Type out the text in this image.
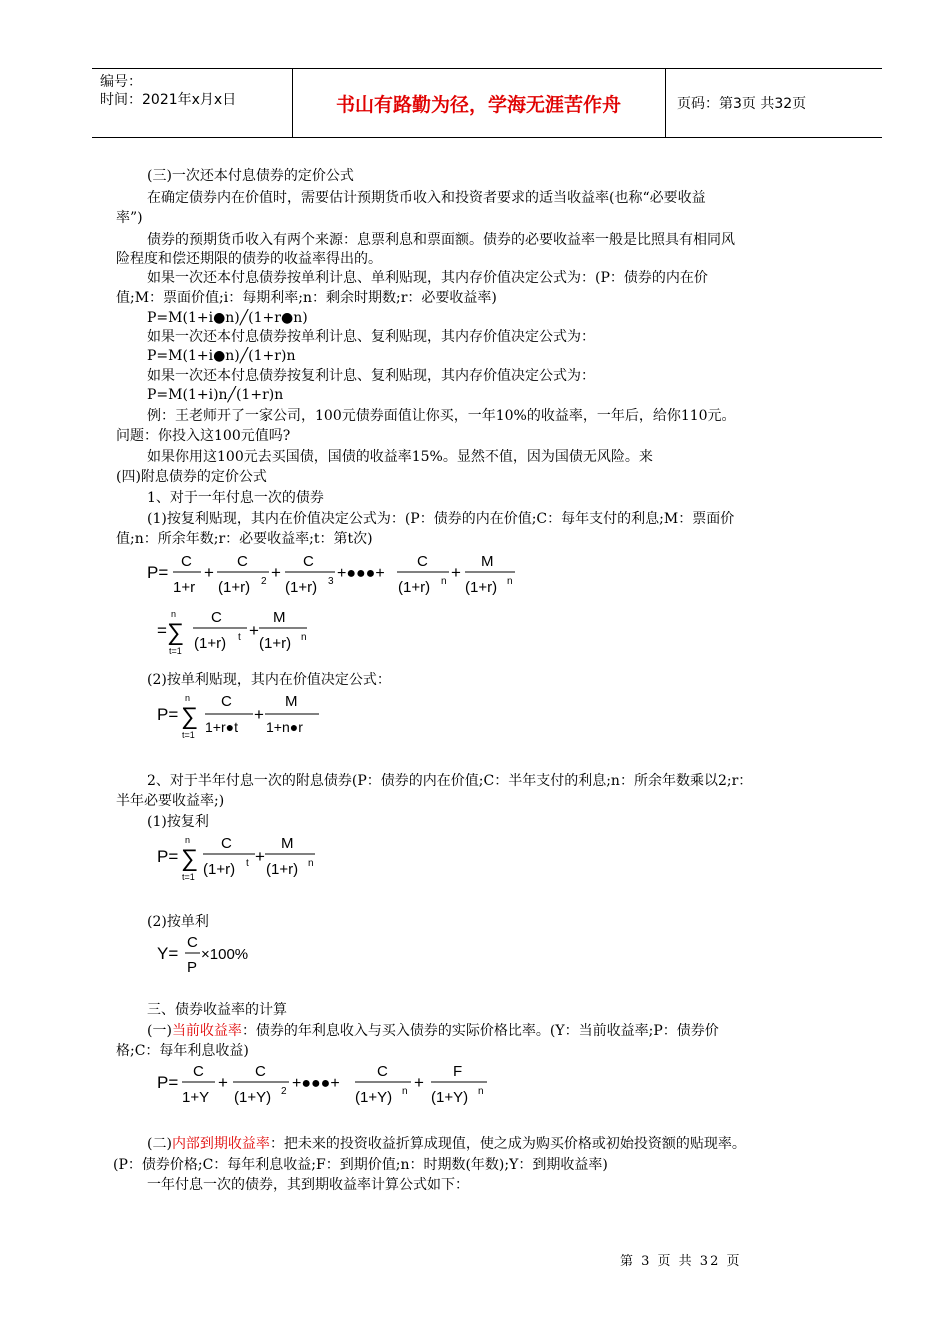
编号：
时间：2021年x月x日	书山有路勤为径，学海无涯苦作舟	页码：第3页 共32页
(三)一次还本付息债券的定价公式
在确定债券内在价值时，需要估计预期货币收入和投资者要求的适当收益率(也称“必要收益
率”)
债券的预期货币收入有两个来源：息票利息和票面额。债券的必要收益率一般是比照具有相同风
险程度和偿还期限的债券的收益率得出的。
如果一次还本付息债券按单利计息、单利贴现，其内存价值决定公式为：(P：债券的内在价
值;M：票面价值;i：每期利率;n：剩余时期数;r：必要收益率)
P=M(1+i●n)╱(1+r●n)
如果一次还本付息债券按单利计息、复利贴现，其内存价值决定公式为：
P=M(1+i●n)╱(1+r)n
如果一次还本付息债券按复利计息、复利贴现，其内存价值决定公式为：
P=M(1+i)n╱(1+r)n
例：王老师开了一家公司，100元债券面值让你买，一年10%的收益率，一年后，给你110元。
问题：你投入这100元值吗?
如果你用这100元去买国债，国债的收益率15%。显然不值，因为国债无风险。来
(四)附息债券的定价公式
1、对于一年付息一次的债券
(1)按复利贴现，其内在价值决定公式为：(P：债券的内在价值;C：每年支付的利息;M：票面价
值;n：所余年数;r：必要收益率;t：第t次)
P=
C
1+r
+
C
(1+r) 2 +
C
(1+r) 3 +●●●+
C
(1+r) n +
M
(1+r) n
=
n
∑
t=1
C
(1+r) t +
M
(1+r) n
(2)按单利贴现，其内在价值决定公式：
P=
n
∑
t=1
C
1+r●t
+
M
1+n●r
2、对于半年付息一次的附息债券(P：债券的内在价值;C：半年支付的利息;n：所余年数乘以2;r：
半年必要收益率;)
(1)按复利
P=
n
∑
t=1
C
(1+r) t +
M
(1+r) n
(2)按单利
Y=
C
P
×100%
三、债券收益率的计算
(一)当前收益率：债券的年利息收入与买入债券的实际价格比率。(Y：当前收益率;P：债券价
格;C：每年利息收益)
P=
C
1+Y
+
C
(1+Y) 2 +●●●+
C
(1+Y) n +
F
(1+Y) n
(二)内部到期收益率：把未来的投资收益折算成现值，使之成为购买价格或初始投资额的贴现率。
(P：债券价格;C：每年利息收益;F：到期价值;n：时期数(年数);Y：到期收益率)
一年付息一次的债券，其到期收益率计算公式如下：
第 3 页 共 32 页
